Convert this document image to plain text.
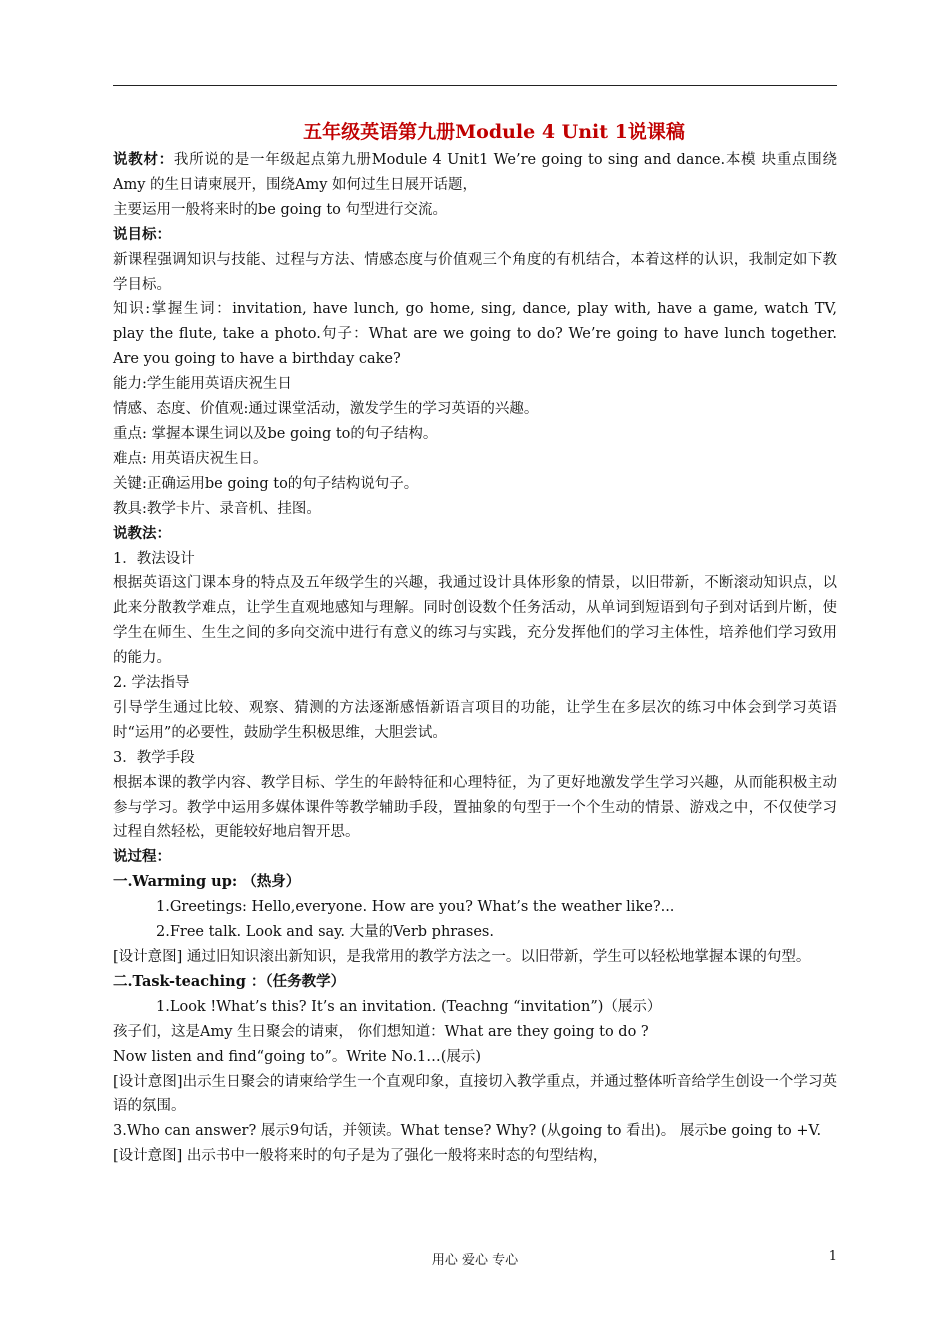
五年级英语第九册Module 4 Unit 1说课稿

说教材：我所说的是一年级起点第九册Module 4 Unit1 We’re going to sing and dance.本模 块重点围绕Amy 的生日请柬展开，围绕Amy 如何过生日展开话题，

主要运用一般将来时的be going to 句型进行交流。

说目标：

新课程强调知识与技能、过程与方法、情感态度与价值观三个角度的有机结合，本着这样的认识，我制定如下教学目标。

知识:掌握生词：invitation, have lunch, go home, sing, dance, play with, have a game, watch TV, play the flute, take a photo.句子：What are we going to do? We’re going to have lunch together. Are you going to have a birthday cake?

能力:学生能用英语庆祝生日

情感、态度、价值观:通过课堂活动，激发学生的学习英语的兴趣。

重点: 掌握本课生词以及be going to的句子结构。

难点: 用英语庆祝生日。

关键:正确运用be going to的句子结构说句子。

教具:教学卡片、录音机、挂图。

说教法：

1．教法设计

根据英语这门课本身的特点及五年级学生的兴趣，我通过设计具体形象的情景，以旧带新，不断滚动知识点，以此来分散教学难点，让学生直观地感知与理解。同时创设数个任务活动，从单词到短语到句子到对话到片断，使学生在师生、生生之间的多向交流中进行有意义的练习与实践，充分发挥他们的学习主体性，培养他们学习致用的能力。

2. 学法指导

引导学生通过比较、观察、猜测的方法逐渐感悟新语言项目的功能，让学生在多层次的练习中体会到学习英语时“运用”的必要性，鼓励学生积极思维，大胆尝试。

3．教学手段

根据本课的教学内容、教学目标、学生的年龄特征和心理特征，为了更好地激发学生学习兴趣，从而能积极主动参与学习。教学中运用多媒体课件等教学辅助手段，置抽象的句型于一个个生动的情景、游戏之中，不仅使学习过程自然轻松，更能较好地启智开思。

说过程：

一.Warming up: （热身）

1.Greetings: Hello,everyone. How are you? What’s the weather like?...

2.Free talk. Look and say. 大量的Verb phrases.

[设计意图] 通过旧知识滚出新知识，是我常用的教学方法之一。以旧带新，学生可以轻松地掌握本课的句型。

二.Task-teaching ：（任务教学）

1.Look !What’s this? It’s an invitation. (Teachng “invitation”)（展示）

孩子们，这是Amy 生日聚会的请柬， 你们想知道：What are they going to do ?

Now listen and find“going to”。Write No.1…(展示)

[设计意图]出示生日聚会的请柬给学生一个直观印象，直接切入教学重点，并通过整体听音给学生创设一个学习英语的氛围。

3.Who can answer? 展示9句话，并领读。What tense? Why? (从going to 看出)。 展示be going to +V.

[设计意图] 出示书中一般将来时的句子是为了强化一般将来时态的句型结构，

用心 爱心 专心	1
